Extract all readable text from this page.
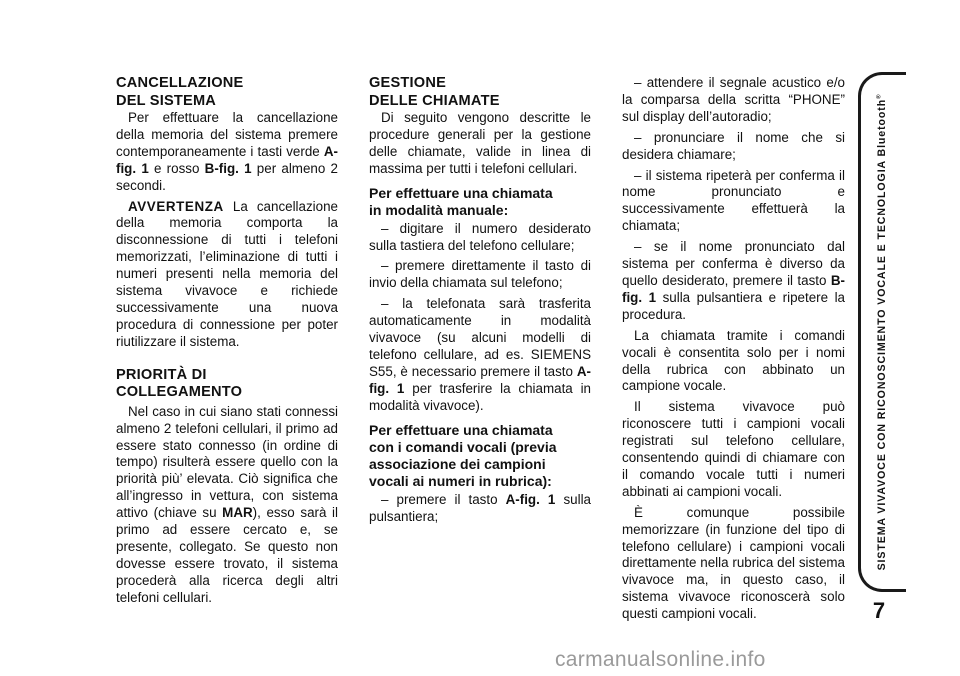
CANCELLAZIONE
DEL SISTEMA

Per effettuare la cancellazione della memoria del sistema premere contemporaneamente i tasti verde A-fig. 1 e rosso B-fig. 1 per almeno 2 secondi.

AVVERTENZA La cancellazione della memoria comporta la disconnessione di tutti i telefoni memorizzati, l’eliminazione di tutti i numeri presenti nella memoria del sistema vivavoce e richiede successivamente una nuova procedura di connessione per poter riutilizzare il sistema.

PRIORITÀ DI
COLLEGAMENTO

Nel caso in cui siano stati connessi almeno 2 telefoni cellulari, il primo ad essere stato connesso (in ordine di tempo) risulterà essere quello con la priorità più’ elevata. Ciò significa che all’ingresso in vettura, con sistema attivo (chiave su MAR), esso sarà il primo ad essere cercato e, se presente, collegato. Se questo non dovesse essere trovato, il sistema procederà alla ricerca degli altri telefoni cellulari.

GESTIONE
DELLE CHIAMATE

Di seguito vengono descritte le procedure generali per la gestione delle chiamate, valide in linea di massima per tutti i telefoni cellulari.

Per effettuare una chiamata
in modalità manuale:

– digitare il numero desiderato sulla tastiera del telefono cellulare;

– premere direttamente il tasto di invio della chiamata sul telefono;

– la telefonata sarà trasferita automaticamente in modalità vivavoce (su alcuni modelli di telefono cellulare, ad es. SIEMENS S55, è necessario premere il tasto A-fig. 1 per trasferire la chiamata in modalità vivavoce).

Per effettuare una chiamata
con i comandi vocali (previa
associazione dei campioni
vocali ai numeri in rubrica):

– premere il tasto A-fig. 1 sulla pulsantiera;

– attendere il segnale acustico e/o la comparsa della scritta “PHONE” sul display dell’autoradio;

– pronunciare il nome che si desidera chiamare;

– il sistema ripeterà per conferma il nome pronunciato e successivamente effettuerà la chiamata;

– se il nome pronunciato dal sistema per conferma è diverso da quello desiderato, premere il tasto B-fig. 1 sulla pulsantiera e ripetere la procedura.

La chiamata tramite i comandi vocali è consentita solo per i nomi della rubrica con abbinato un campione vocale.

Il sistema vivavoce può riconoscere tutti i campioni vocali registrati sul telefono cellulare, consentendo quindi di chiamare con il comando vocale tutti i numeri abbinati ai campioni vocali.

È comunque possibile memorizzare (in funzione del tipo di telefono cellulare) i campioni vocali direttamente nella rubrica del sistema vivavoce ma, in questo caso, il sistema vivavoce riconoscerà solo questi campioni vocali.

SISTEMA VIVAVOCE CON RICONOSCIMENTO VOCALE E TECNOLOGIA Bluetooth®
7
carmanualsonline.info
